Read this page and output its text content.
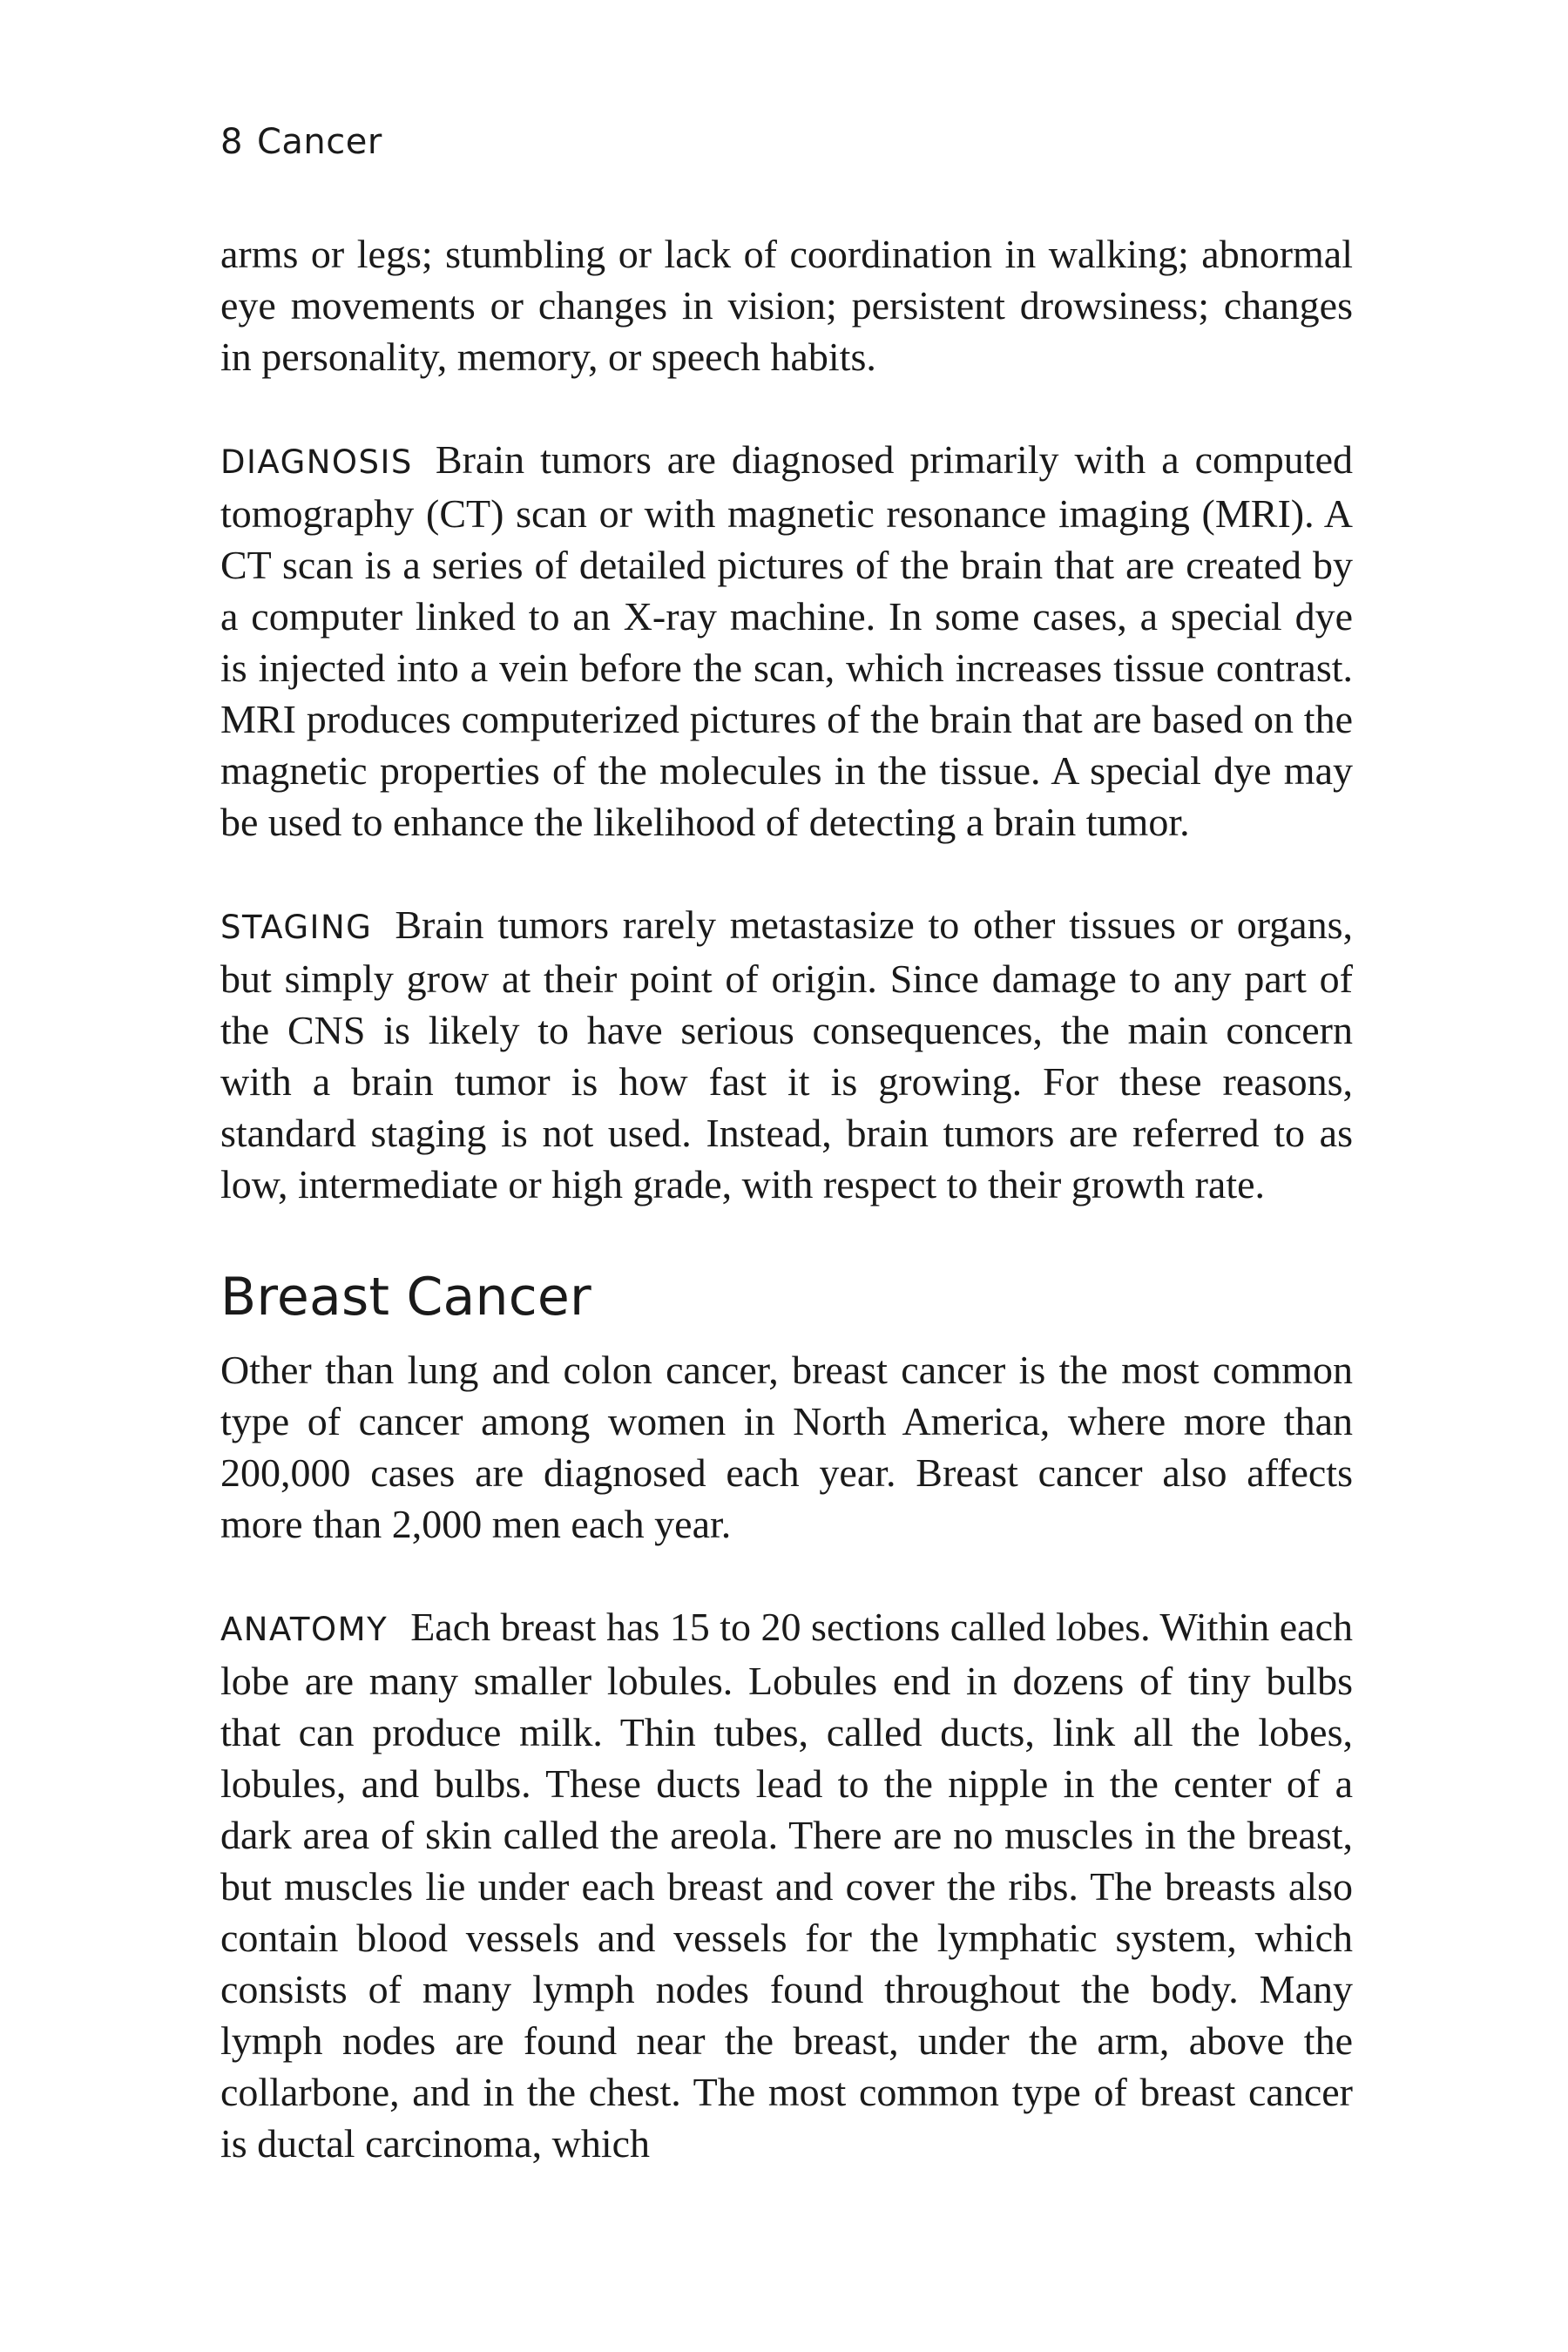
8 Cancer

arms or legs; stumbling or lack of coordination in walking; abnormal eye movements or changes in vision; persistent drowsiness; changes in personality, memory, or speech habits.

DIAGNOSIS Brain tumors are diagnosed primarily with a computed tomography (CT) scan or with magnetic resonance imaging (MRI). A CT scan is a series of detailed pictures of the brain that are created by a computer linked to an X-ray machine. In some cases, a special dye is injected into a vein before the scan, which increases tissue contrast. MRI produces computerized pictures of the brain that are based on the magnetic properties of the molecules in the tissue. A special dye may be used to enhance the likelihood of detecting a brain tumor.

STAGING Brain tumors rarely metastasize to other tissues or organs, but simply grow at their point of origin. Since damage to any part of the CNS is likely to have serious consequences, the main concern with a brain tumor is how fast it is growing. For these reasons, standard staging is not used. Instead, brain tumors are referred to as low, intermediate or high grade, with respect to their growth rate.

Breast Cancer

Other than lung and colon cancer, breast cancer is the most common type of cancer among women in North America, where more than 200,000 cases are diagnosed each year. Breast cancer also affects more than 2,000 men each year.

ANATOMY Each breast has 15 to 20 sections called lobes. Within each lobe are many smaller lobules. Lobules end in dozens of tiny bulbs that can produce milk. Thin tubes, called ducts, link all the lobes, lobules, and bulbs. These ducts lead to the nipple in the center of a dark area of skin called the areola. There are no muscles in the breast, but muscles lie under each breast and cover the ribs. The breasts also contain blood vessels and vessels for the lymphatic system, which consists of many lymph nodes found throughout the body. Many lymph nodes are found near the breast, under the arm, above the collarbone, and in the chest. The most common type of breast cancer is ductal carcinoma, which
